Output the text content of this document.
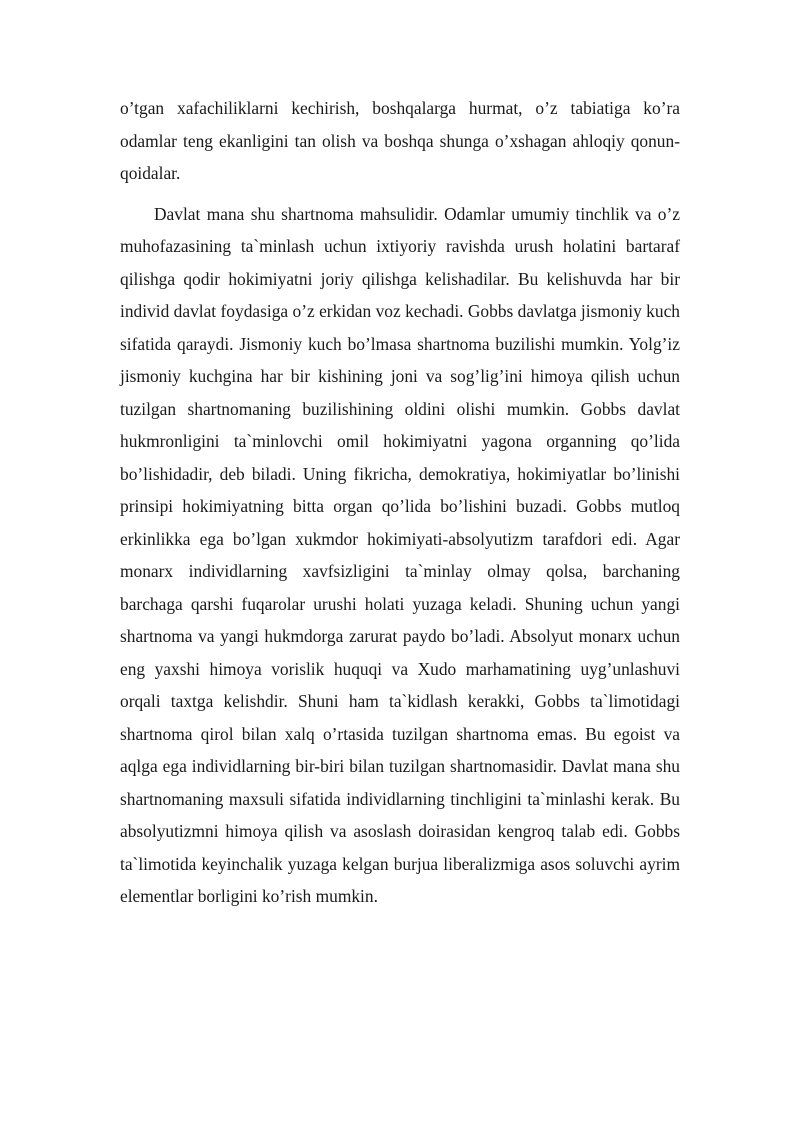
o’tgan xafachiliklarni kechirish, boshqalarga hurmat, o’z tabiatiga ko’ra odamlar teng ekanligini tan olish va boshqa shunga o’xshagan ahloqiy qonun-qoidalar.

Davlat mana shu shartnoma mahsulidir. Odamlar umumiy tinchlik va o’z muhofazasining ta`minlash uchun ixtiyoriy ravishda urush holatini bartaraf qilishga qodir hokimiyatni joriy qilishga kelishadilar. Bu kelishuvda har bir individ davlat foydasiga o’z erkidan voz kechadi. Gobbs davlatga jismoniy kuch sifatida qaraydi. Jismoniy kuch bo’lmasa shartnoma buzilishi mumkin. Yolg’iz jismoniy kuchgina har bir kishining joni va sog’lig’ini himoya qilish uchun tuzilgan shartnomaning buzilishining oldini olishi mumkin. Gobbs davlat hukmronligini ta`minlovchi omil hokimiyatni yagona organning qo’lida bo’lishidadir, deb biladi. Uning fikricha, demokratiya, hokimiyatlar bo’linishi prinsipi hokimiyatning bitta organ qo’lida bo’lishini buzadi. Gobbs mutloq erkinlikka ega bo’lgan xukmdor hokimiyati-absolyutizm tarafdori edi. Agar monarx individlarning xavfsizligini ta`minlay olmay qolsa, barchaning barchaga qarshi fuqarolar urushi holati yuzaga keladi. Shuning uchun yangi shartnoma va yangi hukmdorga zarurat paydo bo’ladi. Absolyut monarx uchun eng yaxshi himoya vorislik huquqi va Xudo marhamatining uyg’unlashuvi orqali taxtga kelishdir. Shuni ham ta`kidlash kerakki, Gobbs ta`limotidagi shartnoma qirol bilan xalq o’rtasida tuzilgan shartnoma emas. Bu egoist va aqlga ega individlarning bir-biri bilan tuzilgan shartnomasidir. Davlat mana shu shartnomaning maxsuli sifatida individlarning tinchligini ta`minlashi kerak. Bu absolyutizmni himoya qilish va asoslash doirasidan kengroq talab edi. Gobbs ta`limotida keyinchalik yuzaga kelgan burjua liberalizmiga asos soluvchi ayrim elementlar borligini ko’rish mumkin.
